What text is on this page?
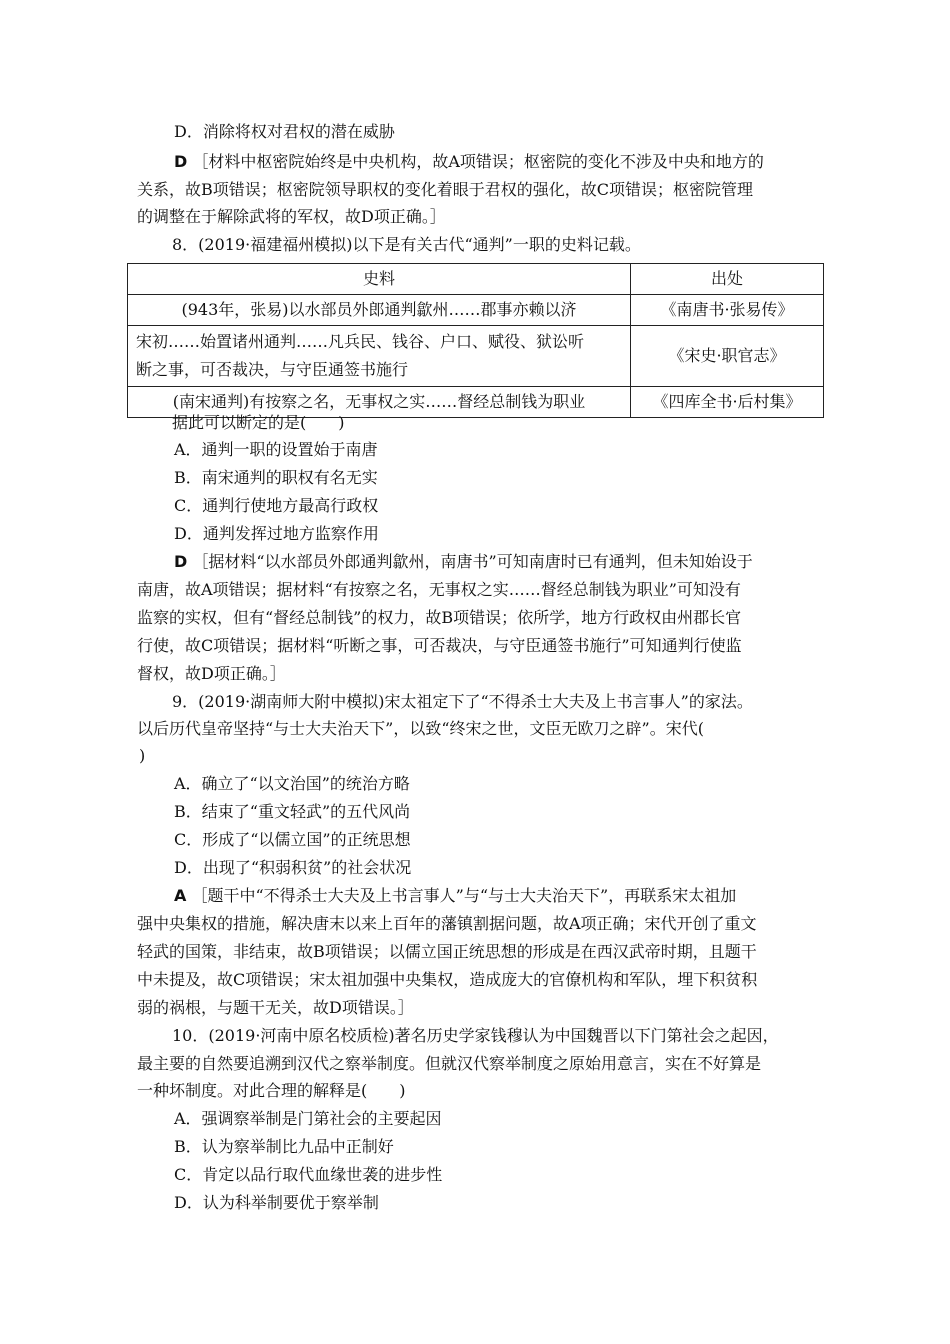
D．消除将权对君权的潜在威胁
D ［材料中枢密院始终是中央机构，故A项错误；枢密院的变化不涉及中央和地方的
关系，故B项错误；枢密院领导职权的变化着眼于君权的强化，故C项错误；枢密院管理
的调整在于解除武将的军权，故D项正确。］
8．(2019·福建福州模拟)以下是有关古代“通判”一职的史料记载。
史料	出处
(943年，张易)以水部员外郎通判歙州……郡事亦赖以济	《南唐书·张易传》

宋初……始置诸州通判……凡兵民、钱谷、户口、赋役、狱讼听
断之事，可否裁决，与守臣通签书施行	《宋史·职官志》
(南宋通判)有按察之名，无事权之实……督经总制钱为职业	《四库全书·后村集》
据此可以断定的是(　　)
A．通判一职的设置始于南唐
B．南宋通判的职权有名无实
C．通判行使地方最高行政权
D．通判发挥过地方监察作用
D ［据材料“以水部员外郎通判歙州，南唐书”可知南唐时已有通判，但未知始设于
南唐，故A项错误；据材料“有按察之名，无事权之实……督经总制钱为职业”可知没有
监察的实权，但有“督经总制钱”的权力，故B项错误；依所学，地方行政权由州郡长官
行使，故C项错误；据材料“听断之事，可否裁决，与守臣通签书施行”可知通判行使监
督权，故D项正确。］
9．(2019·湖南师大附中模拟)宋太祖定下了“不得杀士大夫及上书言事人”的家法。
以后历代皇帝坚持“与士大夫治天下”，以致“终宋之世，文臣无欧刀之辟”。宋代(
)
A．确立了“以文治国”的统治方略
B．结束了“重文轻武”的五代风尚
C．形成了“以儒立国”的正统思想
D．出现了“积弱积贫”的社会状况
A ［题干中“不得杀士大夫及上书言事人”与“与士大夫治天下”，再联系宋太祖加
强中央集权的措施，解决唐末以来上百年的藩镇割据问题，故A项正确；宋代开创了重文
轻武的国策，非结束，故B项错误；以儒立国正统思想的形成是在西汉武帝时期，且题干
中未提及，故C项错误；宋太祖加强中央集权，造成庞大的官僚机构和军队，埋下积贫积
弱的祸根，与题干无关，故D项错误。］
10．(2019·河南中原名校质检)著名历史学家钱穆认为中国魏晋以下门第社会之起因，
最主要的自然要追溯到汉代之察举制度。但就汉代察举制度之原始用意言，实在不好算是
一种坏制度。对此合理的解释是(　　)
A．强调察举制是门第社会的主要起因
B．认为察举制比九品中正制好
C．肯定以品行取代血缘世袭的进步性
D．认为科举制要优于察举制
